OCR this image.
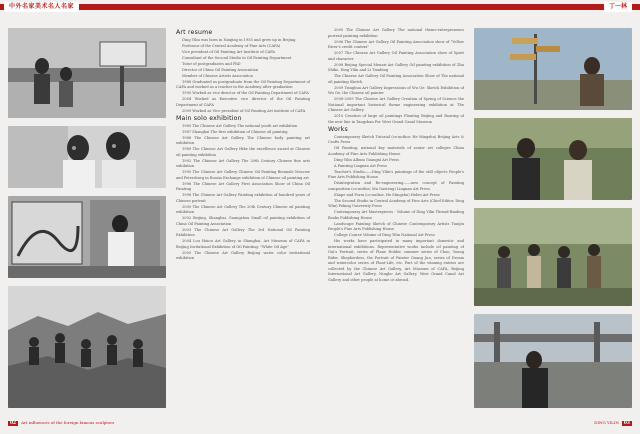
中外名家美术名人名家	丁一林
Art resume

Ding Yilin was born in Nanjing in 1955 and grew up in Beijing.

Professor of the Central Academy of Fine Arts (CAFA)

Vice president of Oil Painting Art Institute of CAFA

Consultant of the Second Studio in Oil Painting Department

Tutor of postgraduates and PhD

Director of China Oil Painting Association

Member of Chinese Artists Association

1988 Graduated as postgraduate from the Oil Painting Department of CAFA and worked as a teacher in the Academy after graduation

1995 Worked as vice director of the Oil Painting Department of CAFA

2004 Worked as Executive vice director of the Oil Painting Department of CAFA

2009 Worked as Vice president of Oil Painting Art institute of CAFA

Main solo exhibition

1985 The Chinese Art Gallery The national youth art exhibition

1987 Shanghai The first exhibition of Chinese oil painting

1988 The Chinese Art Gallery The Chinese body painting art exhibition

1989 The Chinese Art Gallery Hike the excellence award at Chinese oil painting exhibition

1992 The Chinese Art Gallery The 20th Century Chinese fine arts exhibition

1995 The Chinese Art Gallery Chinese Oil Painting Biennale Moscow and Petersburg in Russia Exchange exhibition of Chinese oil painting art

1996 The Chinese Art Gallery First Association Show of China Oil Painting

1998 The Chinese Art Gallery Painting exhibition of hundred years of Chinese portrait

2000 The Chinese Art Gallery The 20th Century Chinese oil painting exhibition

2002 Beijing, Shanghai, Guangzhou Small oil painting exhibition of China Oil Painting Association

2003 The Chinese Art Gallery The 3rd National Oil Painting Exhibition

2004 Lou Haiou Art Gallery in Shanghai, Art Museum of CAFA in Beijing Invitational Exhibition of Oil Painting: "White Oil Age"

2005 The Chinese Art Gallery Beijing water color invitational exhibition

2005 The Chinese Art Gallery The national theme-entrepreneurs portrait painting exhibition

2006 The Chinese Art Gallery Oil Painting Association show of "Yellow River's credit context"

2007 The Chinese Art Gallery Oil Painting Association show of Spirit and character

2008 Beijing Special Menari Art Gallery Oil painting exhibition of Zhu Shike, Ding Yilin and Li Tianbing

The Chinese Art Gallery Oil Painting Association Show of The national oil painting Sketch

2009 Tsinghua Art Gallery Impressions of Wu Ge: Sketch Exhibition of Wu Ge, the Chinese oil painter

2008-2009 The Chinese Art Gallery Creation of Spring of Science the National important historical theme engineering exhibition at The Chinese Art Gallery

2010 Creation of large oil paintings Planting Beijing and Roaring of the new line in Tangshan For West Grand Canal Museum

Works

Contemporary Sketch Tutorial (co-author, He Mingzhu) Beijing Arts & Crafts Press

Oil Painting, national key materials of senior art colleges China Academy of Fine Arts Publishing House

Ding Yilin Album Guangxi Art Press

A Painting Lingnan Art Press

Teacher's Studio——Ding Yilin's paintings of the still objects People's Fine Arts Publishing House

Disintegration and Re-engineering——new concept of Painting composition (co-author, Ma Gaoteng) Lingnan Art Press

Shape and Form (co-author, He Mingzhu) Hebei Art Press

The Second Studio in Central Academy of Fine Arts (Chief Editor, Ding Yilin) Peking University Press

Contemporary Art Masterpieces · Volume of Ding Yilin Thread-Binding Books Publishing House

Landscape Painting Sketch of Chinese Contemporary Artists Tianjin People's Fine Arts Publishing House

College Course Volume of Ding Yilin National Art Press

His works have participated in many important domestic and international exhibitions. Representative works include oil painting of Gui's Portrait, series of Plane Holder, summer series of Chao, Young Rider, Shepherdess, the Portrait of Painter Guang Jun, series of Dream and watercolor series of Plant-Life, etc. Part of the winning entries are collected by the Chinese Art Gallery, Art Museum of CAFA, Beijing International Art Gallery, Ningbo Art Gallery, West Grand Canal Art Gallery and other people at home or abroad.

02 Art influences of the foreign famous sculptors	DING YILIN 03
